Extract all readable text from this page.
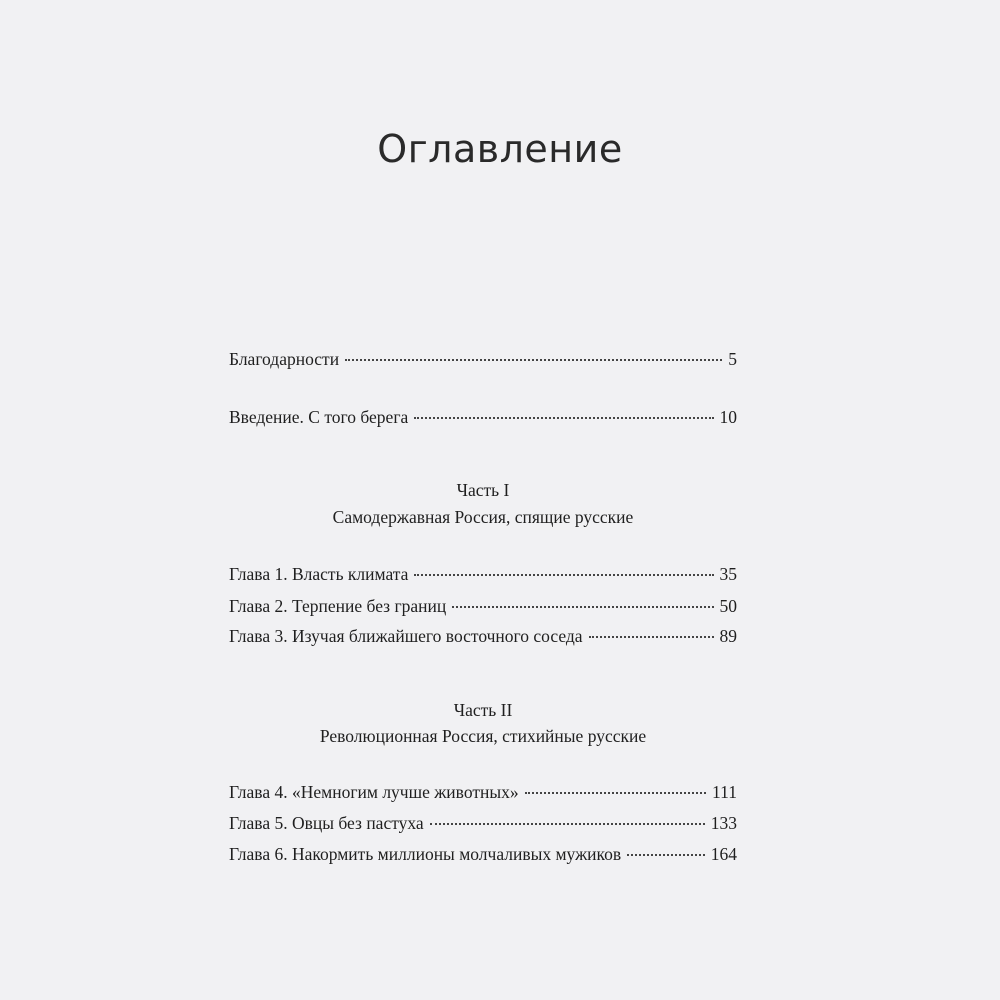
Оглавление
Благодарности	5
Введение. С того берега	10
Часть I
Самодержавная Россия, спящие русские
Глава 1. Власть климата	35
Глава 2. Терпение без границ	50
Глава 3. Изучая ближайшего восточного соседа	89
Часть II
Революционная Россия, стихийные русские
Глава 4. «Немногим лучше животных»	111
Глава 5. Овцы без пастуха	133
Глава 6. Накормить миллионы молчаливых мужиков	164
